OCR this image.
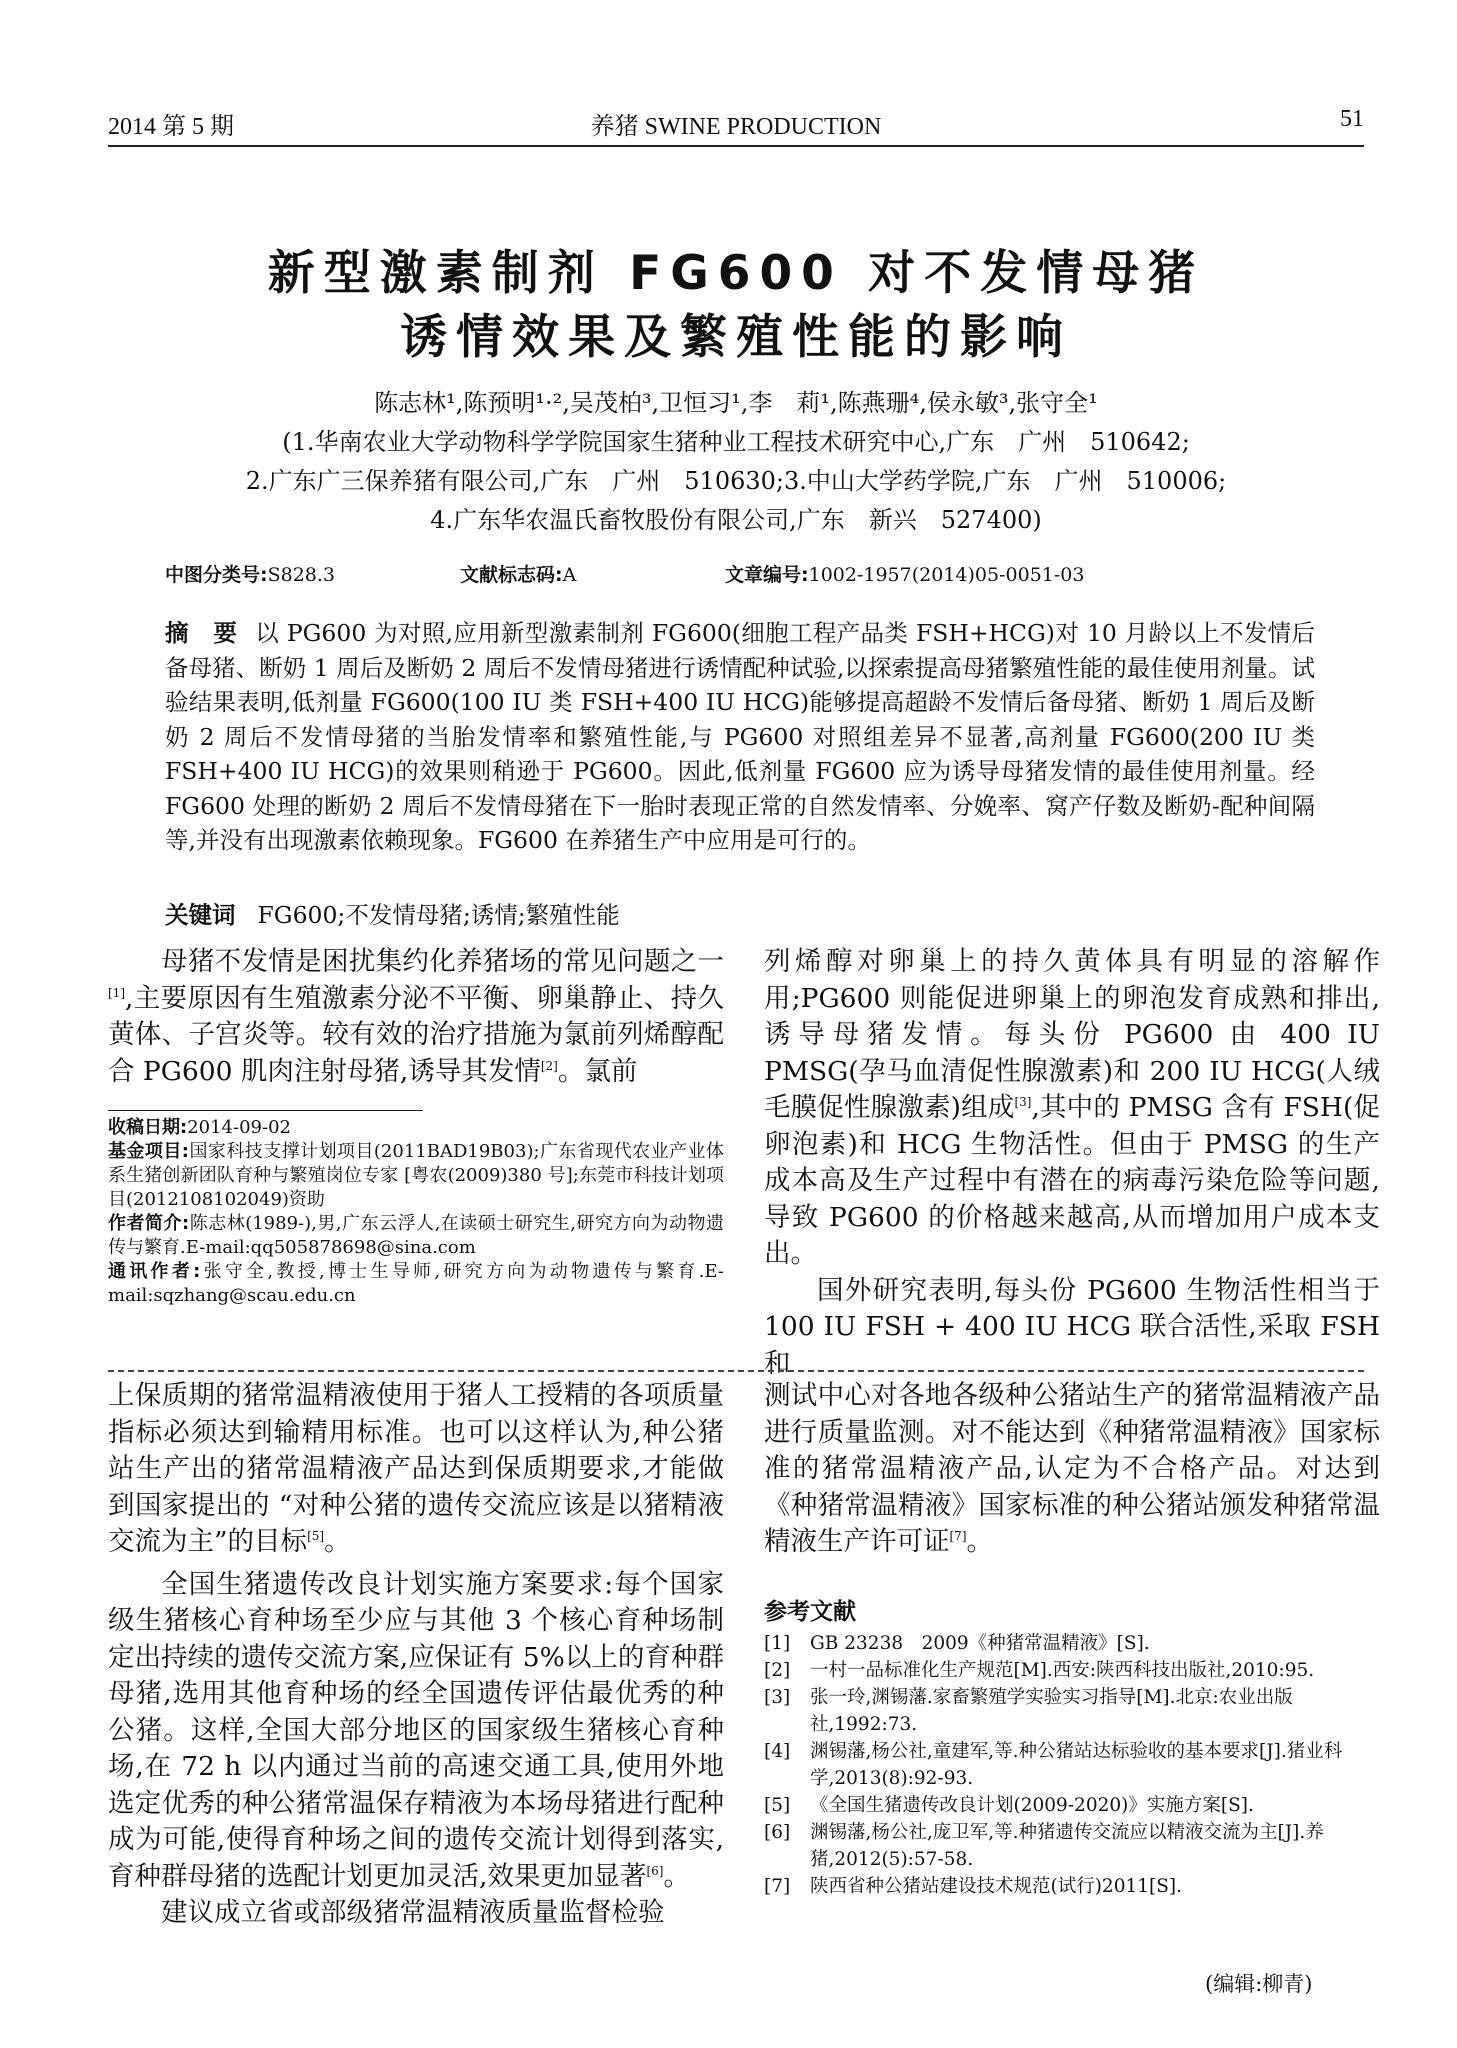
2014 第 5 期	养猪 SWINE PRODUCTION	51
新型激素制剂 FG600 对不发情母猪
诱情效果及繁殖性能的影响
陈志林¹,陈预明¹·²,吴茂柏³,卫恒习¹,李　莉¹,陈燕珊⁴,侯永敏³,张守全¹
(1.华南农业大学动物科学学院国家生猪种业工程技术研究中心,广东　广州　510642;
2.广东广三保养猪有限公司,广东　广州　510630;3.中山大学药学院,广东　广州　510006;
4.广东华农温氏畜牧股份有限公司,广东　新兴　527400)
中图分类号:S828.3	文献标志码:A	文章编号:1002-1957(2014)05-0051-03
摘 要 以 PG600 为对照,应用新型激素制剂 FG600(细胞工程产品类 FSH+HCG)对 10 月龄以上不发情后备母猪、断奶 1 周后及断奶 2 周后不发情母猪进行诱情配种试验,以探索提高母猪繁殖性能的最佳使用剂量。试验结果表明,低剂量 FG600(100 IU 类 FSH+400 IU HCG)能够提高超龄不发情后备母猪、断奶 1 周后及断奶 2 周后不发情母猪的当胎发情率和繁殖性能,与 PG600 对照组差异不显著,高剂量 FG600(200 IU 类 FSH+400 IU HCG)的效果则稍逊于 PG600。因此,低剂量 FG600 应为诱导母猪发情的最佳使用剂量。经 FG600 处理的断奶 2 周后不发情母猪在下一胎时表现正常的自然发情率、分娩率、窝产仔数及断奶-配种间隔等,并没有出现激素依赖现象。FG600 在养猪生产中应用是可行的。
关键词 FG600;不发情母猪;诱情;繁殖性能

母猪不发情是困扰集约化养猪场的常见问题之一[1],主要原因有生殖激素分泌不平衡、卵巢静止、持久黄体、子宫炎等。较有效的治疗措施为氯前列烯醇配合 PG600 肌肉注射母猪,诱导其发情[2]。氯前

列烯醇对卵巢上的持久黄体具有明显的溶解作用;PG600 则能促进卵巢上的卵泡发育成熟和排出,诱导母猪发情。每头份 PG600 由 400 IU PMSG(孕马血清促性腺激素)和 200 IU HCG(人绒毛膜促性腺激素)组成[3],其中的 PMSG 含有 FSH(促卵泡素)和 HCG 生物活性。但由于 PMSG 的生产成本高及生产过程中有潜在的病毒污染危险等问题,导致 PG600 的价格越来越高,从而增加用户成本支出。

国外研究表明,每头份 PG600 生物活性相当于 100 IU FSH + 400 IU HCG 联合活性,采取 FSH 和

收稿日期:2014-09-02
基金项目:国家科技支撑计划项目(2011BAD19B03);广东省现代农业产业体系生猪创新团队育种与繁殖岗位专家 [粤农(2009)380 号];东莞市科技计划项目(2012108102049)资助
作者简介:陈志林(1989-),男,广东云浮人,在读硕士研究生,研究方向为动物遗传与繁育.E-mail:qq505878698@sina.com
通讯作者:张守全,教授,博士生导师,研究方向为动物遗传与繁育.E-mail:sqzhang@scau.edu.cn

上保质期的猪常温精液使用于猪人工授精的各项质量指标必须达到输精用标准。也可以这样认为,种公猪站生产出的猪常温精液产品达到保质期要求,才能做到国家提出的 “对种公猪的遗传交流应该是以猪精液交流为主”的目标[5]。

全国生猪遗传改良计划实施方案要求:每个国家级生猪核心育种场至少应与其他 3 个核心育种场制定出持续的遗传交流方案,应保证有 5%以上的育种群母猪,选用其他育种场的经全国遗传评估最优秀的种公猪。这样,全国大部分地区的国家级生猪核心育种场,在 72 h 以内通过当前的高速交通工具,使用外地选定优秀的种公猪常温保存精液为本场母猪进行配种成为可能,使得育种场之间的遗传交流计划得到落实,育种群母猪的选配计划更加灵活,效果更加显著[6]。

建议成立省或部级猪常温精液质量监督检验

测试中心对各地各级种公猪站生产的猪常温精液产品进行质量监测。对不能达到《种猪常温精液》国家标准的猪常温精液产品,认定为不合格产品。对达到《种猪常温精液》国家标准的种公猪站颁发种猪常温精液生产许可证[7]。

参考文献
[1] GB 23238　2009《种猪常温精液》[S].
[2] 一村一品标准化生产规范[M].西安:陕西科技出版社,2010:95.
[3] 张一玲,渊锡藩.家畜繁殖学实验实习指导[M].北京:农业出版社,1992:73.
[4] 渊锡藩,杨公社,童建军,等.种公猪站达标验收的基本要求[J].猪业科学,2013(8):92-93.
[5] 《全国生猪遗传改良计划(2009-2020)》实施方案[S].
[6] 渊锡藩,杨公社,庞卫军,等.种猪遗传交流应以精液交流为主[J].养猪,2012(5):57-58.
[7] 陕西省种公猪站建设技术规范(试行)2011[S].
(编辑:柳青)
